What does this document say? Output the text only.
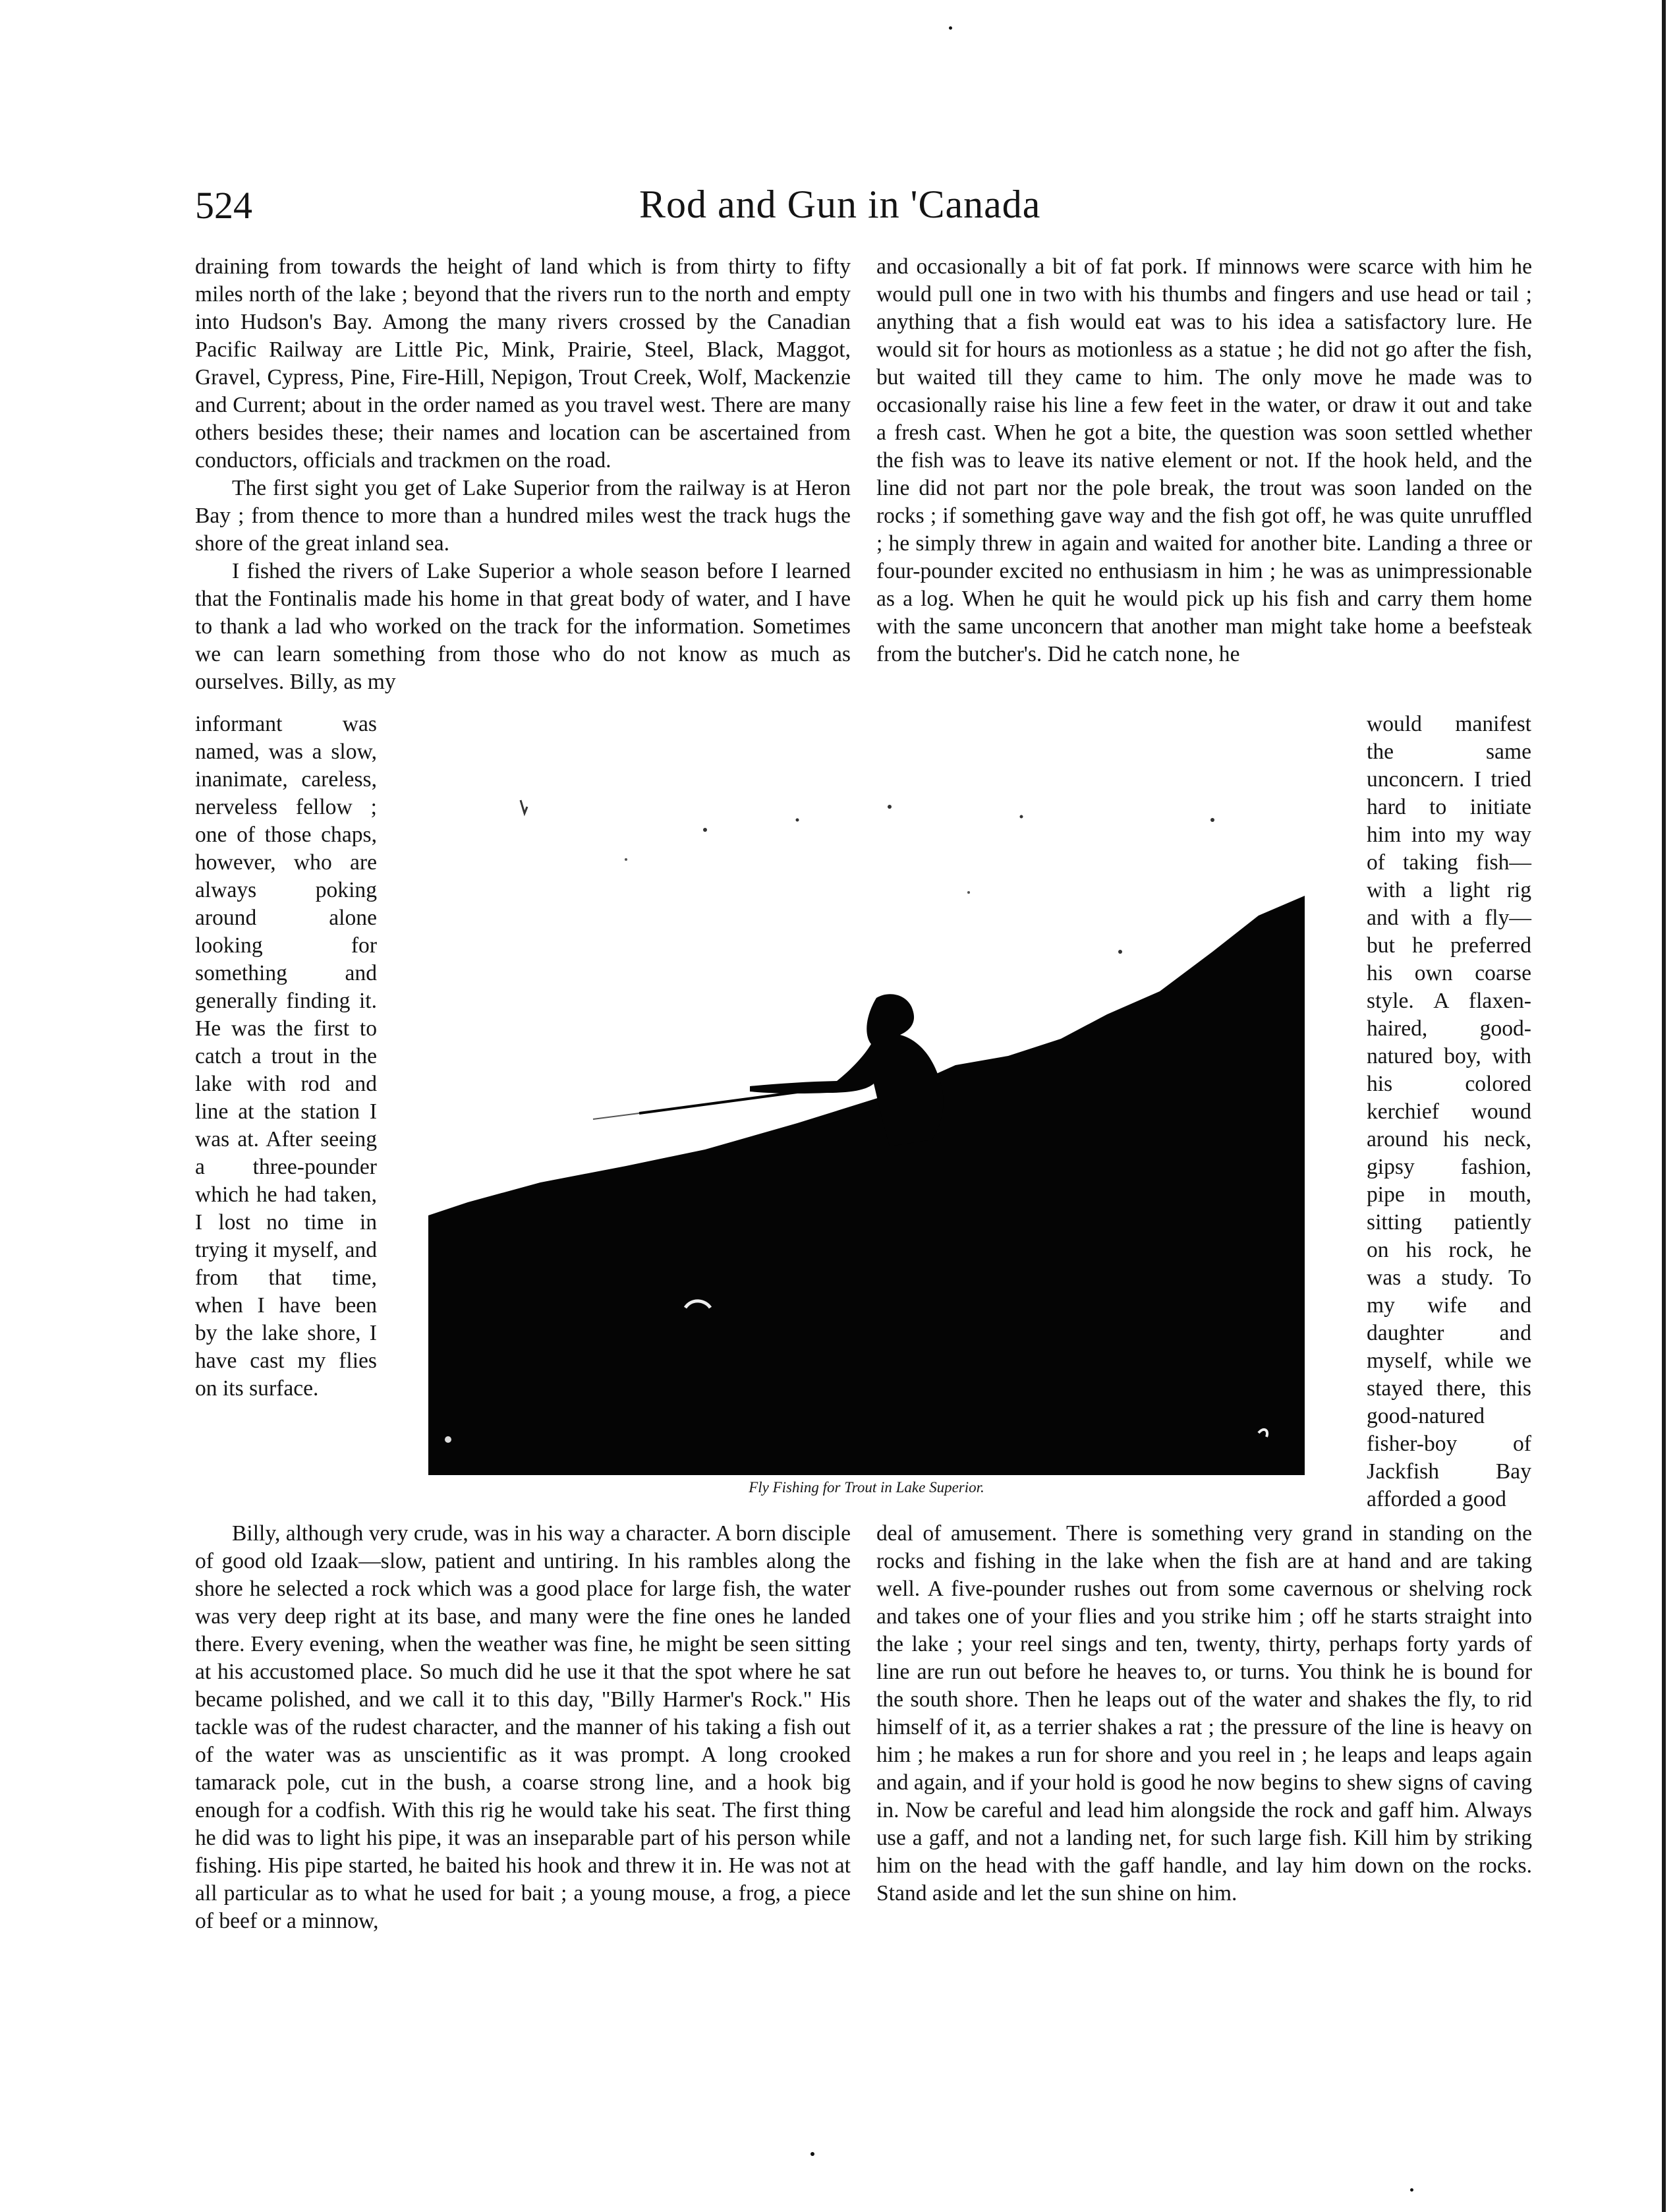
524	Rod and Gun in 'Canada

draining from towards the height of land which is from thirty to fifty miles north of the lake ; beyond that the rivers run to the north and empty into Hudson's Bay. Among the many rivers crossed by the Canadian Pacific Railway are Little Pic, Mink, Prairie, Steel, Black, Maggot, Gravel, Cypress, Pine, Fire-Hill, Nepigon, Trout Creek, Wolf, Mackenzie and Current; about in the order named as you travel west. There are many others besides these; their names and location can be ascertained from conductors, officials and trackmen on the road.

The first sight you get of Lake Superior from the railway is at Heron Bay ; from thence to more than a hundred miles west the track hugs the shore of the great inland sea.

I fished the rivers of Lake Superior a whole season before I learned that the Fontinalis made his home in that great body of water, and I have to thank a lad who worked on the track for the information. Sometimes we can learn something from those who do not know as much as ourselves. Billy, as my

and occasionally a bit of fat pork. If minnows were scarce with him he would pull one in two with his thumbs and fingers and use head or tail ; anything that a fish would eat was to his idea a satisfactory lure. He would sit for hours as motionless as a statue ; he did not go after the fish, but waited till they came to him. The only move he made was to occasionally raise his line a few feet in the water, or draw it out and take a fresh cast. When he got a bite, the question was soon settled whether the fish was to leave its native element or not. If the hook held, and the line did not part nor the pole break, the trout was soon landed on the rocks ; if something gave way and the fish got off, he was quite unruffled ; he simply threw in again and waited for another bite. Landing a three or four-pounder excited no enthusiasm in him ; he was as unimpressionable as a log. When he quit he would pick up his fish and carry them home with the same unconcern that another man might take home a beefsteak from the butcher's. Did he catch none, he

informant was named, was a slow, inanimate, careless, nerveless fellow ; one of those chaps, however, who are always poking around alone looking for something and generally finding it. He was the first to catch a trout in the lake with rod and line at the station I was at. After seeing a three-pounder which he had taken, I lost no time in trying it myself, and from that time, when I have been by the lake shore, I have cast my flies on its surface.

would manifest the same unconcern. I tried hard to initiate him into my way of taking fish—with a light rig and with a fly—but he preferred his own coarse style. A flaxen-haired, good-natured boy, with his colored kerchief wound around his neck, gipsy fashion, pipe in mouth, sitting patiently on his rock, he was a study. To my wife and daughter and myself, while we stayed there, this good-natured fisher-boy of Jackfish Bay afforded a good

Fly Fishing for Trout in Lake Superior.

Billy, although very crude, was in his way a character. A born disciple of good old Izaak—slow, patient and untiring. In his rambles along the shore he selected a rock which was a good place for large fish, the water was very deep right at its base, and many were the fine ones he landed there. Every evening, when the weather was fine, he might be seen sitting at his accustomed place. So much did he use it that the spot where he sat became polished, and we call it to this day, "Billy Harmer's Rock." His tackle was of the rudest character, and the manner of his taking a fish out of the water was as unscientific as it was prompt. A long crooked tamarack pole, cut in the bush, a coarse strong line, and a hook big enough for a codfish. With this rig he would take his seat. The first thing he did was to light his pipe, it was an inseparable part of his person while fishing. His pipe started, he baited his hook and threw it in. He was not at all particular as to what he used for bait ; a young mouse, a frog, a piece of beef or a minnow,

deal of amusement. There is something very grand in standing on the rocks and fishing in the lake when the fish are at hand and are taking well. A five-pounder rushes out from some cavernous or shelving rock and takes one of your flies and you strike him ; off he starts straight into the lake ; your reel sings and ten, twenty, thirty, perhaps forty yards of line are run out before he heaves to, or turns. You think he is bound for the south shore. Then he leaps out of the water and shakes the fly, to rid himself of it, as a terrier shakes a rat ; the pressure of the line is heavy on him ; he makes a run for shore and you reel in ; he leaps and leaps again and again, and if your hold is good he now begins to shew signs of caving in. Now be careful and lead him alongside the rock and gaff him. Always use a gaff, and not a landing net, for such large fish. Kill him by striking him on the head with the gaff handle, and lay him down on the rocks. Stand aside and let the sun shine on him.
